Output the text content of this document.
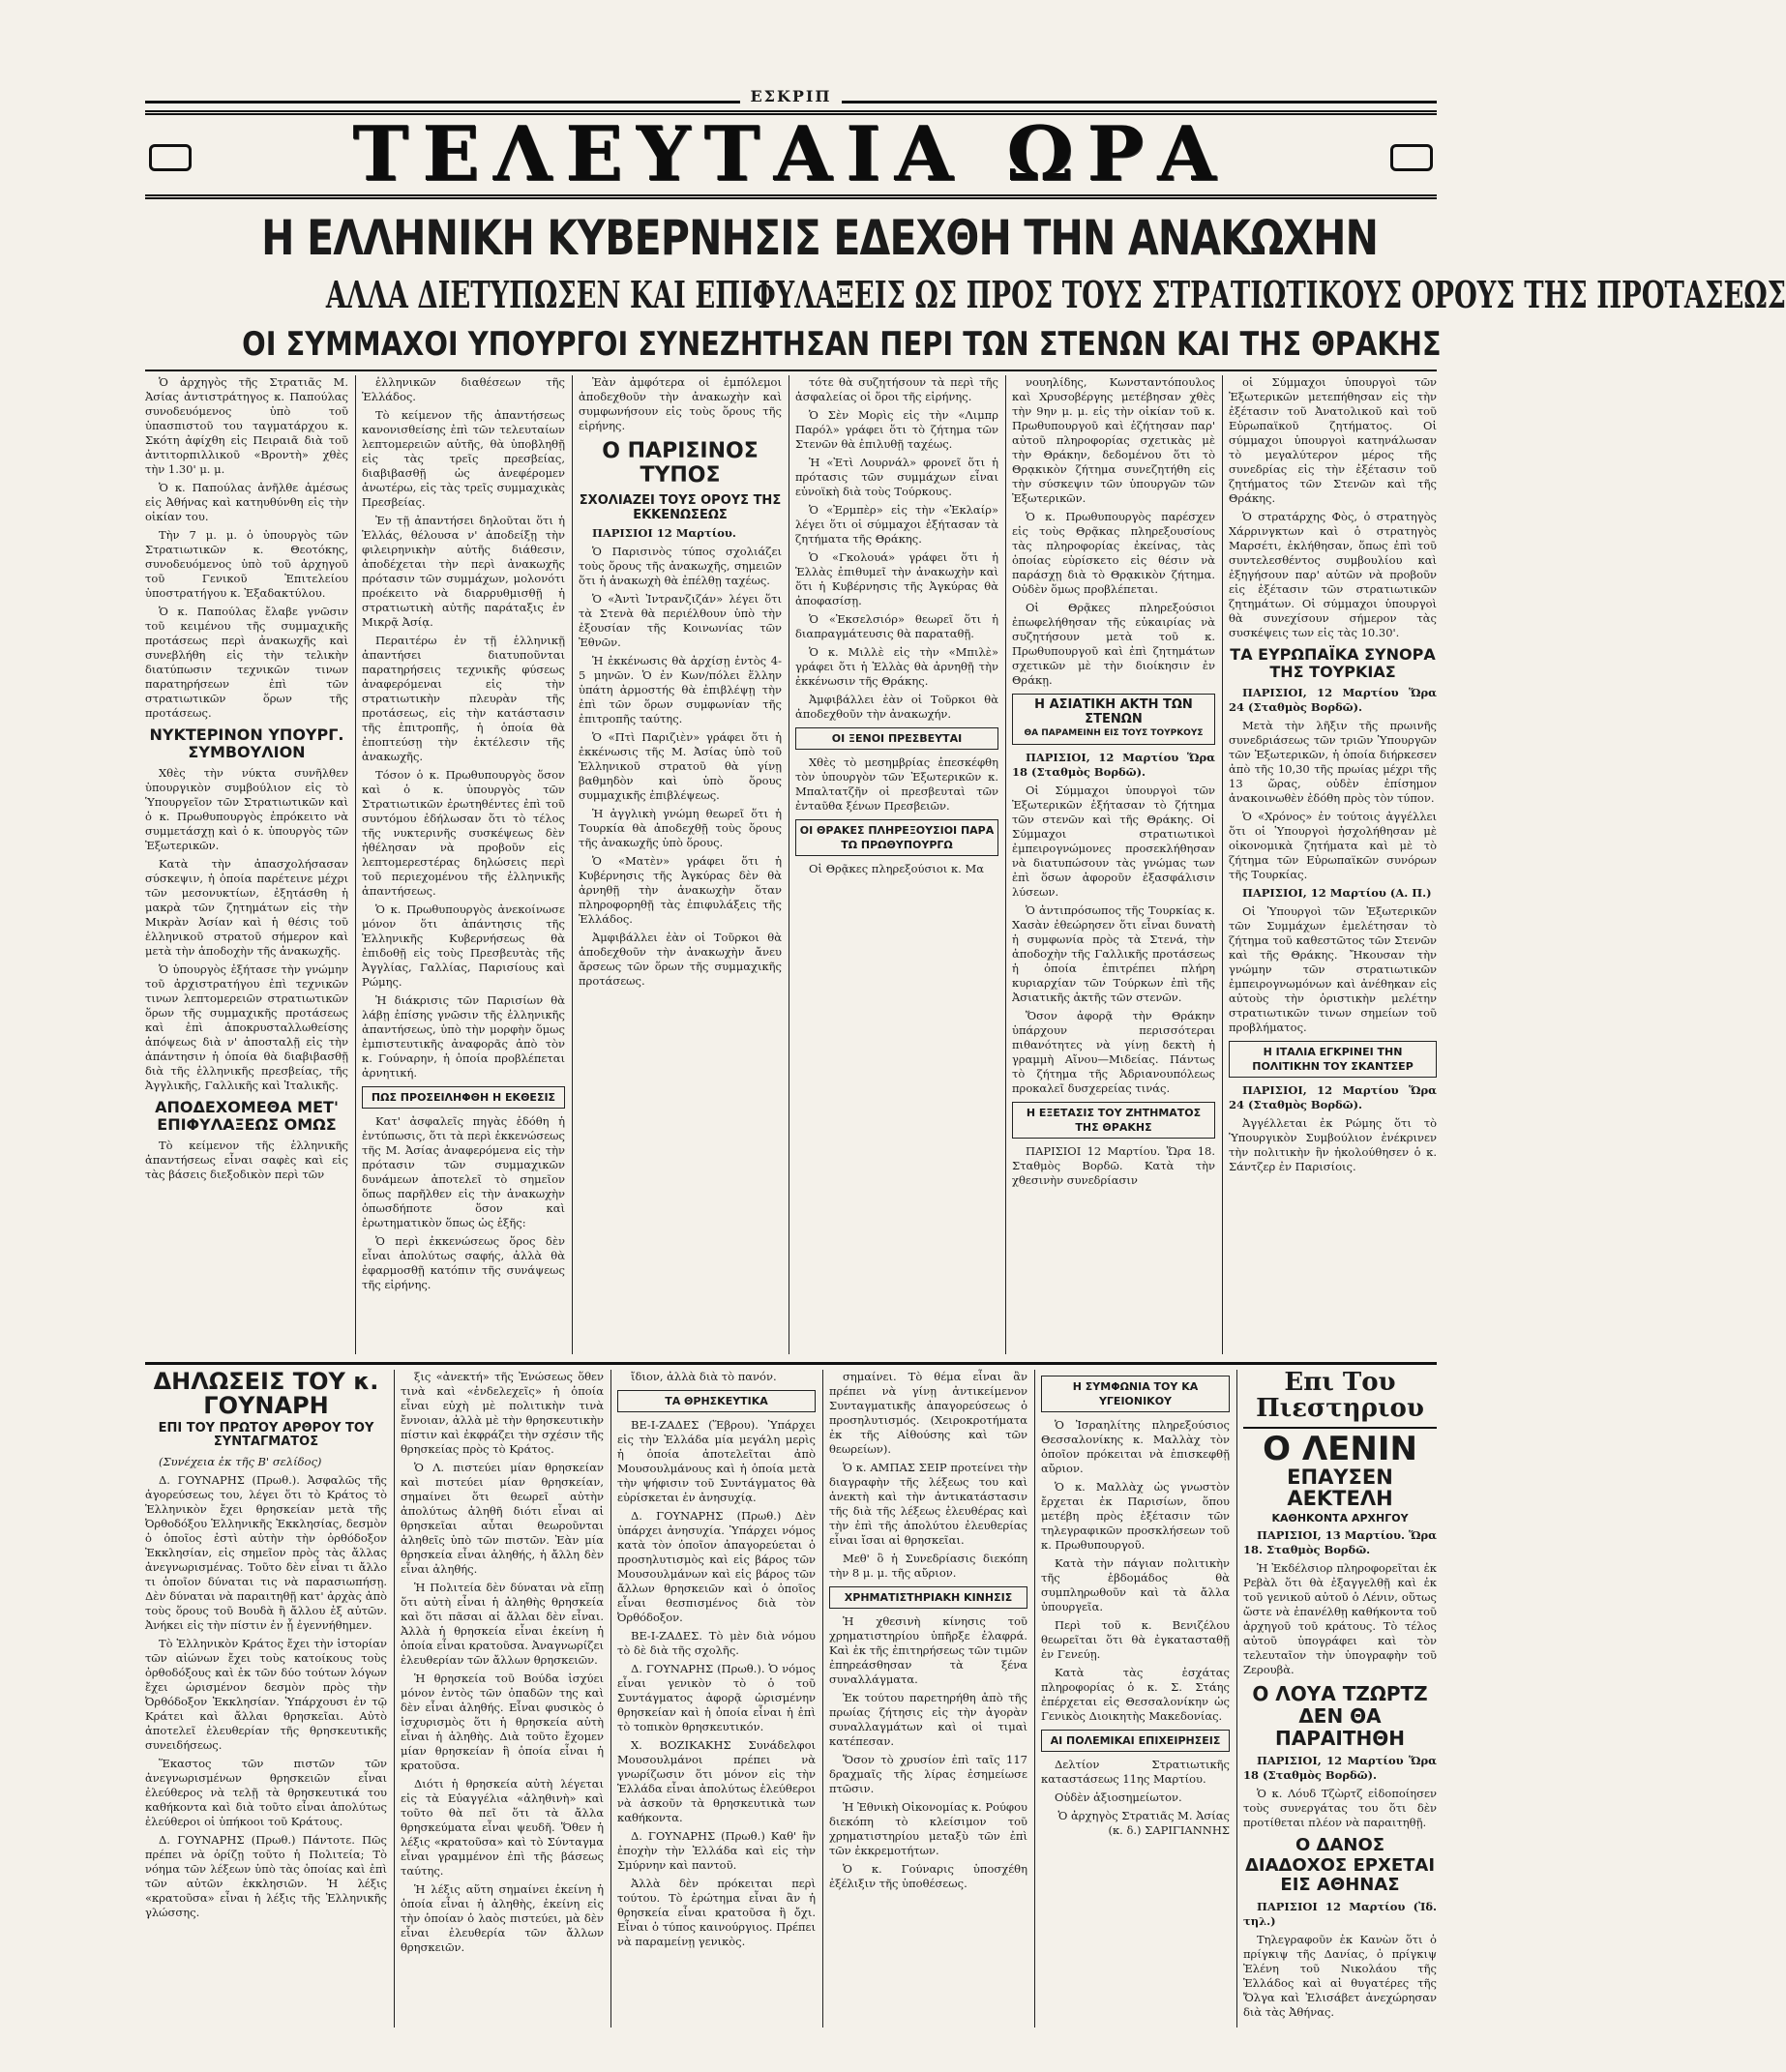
ΕΣΚΡΙΠ
ΤΕΛΕΥΤΑΙΑ ΩΡΑ
Η ΕΛΛΗΝΙΚΗ ΚΥΒΕΡΝΗΣΙΣ ΕΔΕΧΘΗ ΤΗΝ ΑΝΑΚΩΧΗΝ
ΑΛΛΑ ΔΙΕΤΥΠΩΣΕΝ ΚΑΙ ΕΠΙΦΥΛΑΞΕΙΣ ΩΣ ΠΡΟΣ ΤΟΥΣ ΣΤΡΑΤΙΩΤΙΚΟΥΣ ΟΡΟΥΣ ΤΗΣ ΠΡΟΤΑΣΕΩΣ
ΟΙ ΣΥΜΜΑΧΟΙ ΥΠΟΥΡΓΟΙ ΣΥΝΕΖΗΤΗΣΑΝ ΠΕΡΙ ΤΩΝ ΣΤΕΝΩΝ ΚΑΙ ΤΗΣ ΘΡΑΚΗΣ

Ὁ ἀρχηγὸς τῆς Στρατιᾶς Μ. Ἀσίας ἀντιστράτηγος κ. Παπούλας συνοδευόμενος ὑπὸ τοῦ ὑπασπιστοῦ του ταγματάρχου κ. Σκότη ἀφίχθη εἰς Πειραιᾶ διὰ τοῦ ἀντιτορπιλλικοῦ «Βροντὴ» χθὲς τὴν 1.30' μ. μ.

Ὁ κ. Παπούλας ἀνῆλθε ἀμέσως εἰς Ἀθήνας καὶ κατηυθύνθη εἰς τὴν οἰκίαν του.

Τὴν 7 μ. μ. ὁ ὑπουργὸς τῶν Στρατιωτικῶν κ. Θεοτόκης, συνοδευόμενος ὑπὸ τοῦ ἀρχηγοῦ τοῦ Γενικοῦ Ἐπιτελείου ὑποστρατήγου κ. Ἐξαδακτύλου.

Ὁ κ. Παπούλας ἔλαβε γνῶσιν τοῦ κειμένου τῆς συμμαχικῆς προτάσεως περὶ ἀνακωχῆς καὶ συνεβλήθη εἰς τὴν τελικὴν διατύπωσιν τεχνικῶν τινων παρατηρήσεων ἐπὶ τῶν στρατιωτικῶν ὅρων τῆς προτάσεως.

ΝΥΚΤΕΡΙΝΟΝ ΥΠΟΥΡΓ. ΣΥΜΒΟΥΛΙΟΝ

Χθὲς τὴν νύκτα συνῆλθεν ὑπουργικὸν συμβούλιον εἰς τὸ Ὑπουργεῖον τῶν Στρατιωτικῶν καὶ ὁ κ. Πρωθυπουργὸς ἐπρόκειτο νὰ συμμετάσχῃ καὶ ὁ κ. ὑπουργὸς τῶν Ἐξωτερικῶν.

Κατὰ τὴν ἀπασχολήσασαν σύσκεψιν, ἡ ὁποία παρέτεινε μέχρι τῶν μεσονυκτίων, ἐξητάσθη ἡ μακρὰ τῶν ζητημάτων εἰς τὴν Μικρὰν Ἀσίαν καὶ ἡ θέσις τοῦ ἑλληνικοῦ στρατοῦ σήμερον καὶ μετὰ τὴν ἀποδοχὴν τῆς ἀνακωχῆς.

Ὁ ὑπουργὸς ἐξήτασε τὴν γνώμην τοῦ ἀρχιστρατήγου ἐπὶ τεχνικῶν τινων λεπτομερειῶν στρατιωτικῶν ὅρων τῆς συμμαχικῆς προτάσεως καὶ ἐπὶ ἀποκρυσταλλωθείσης ἀπόψεως διὰ ν' ἀποσταλῇ εἰς τὴν ἀπάντησιν ἡ ὁποία θὰ διαβιβασθῇ διὰ τῆς ἑλληνικῆς πρεσβείας, τῆς Ἀγγλικῆς, Γαλλικῆς καὶ Ἰταλικῆς.

ΑΠΟΔΕΧΟΜΕΘΑ ΜΕΤ' ΕΠΙΦΥΛΑΞΕΩΣ ΟΜΩΣ

Τὸ κείμενον τῆς ἑλληνικῆς ἀπαντήσεως εἶναι σαφὲς καὶ εἰς τὰς βάσεις διεξοδικὸν περὶ τῶν

ἑλληνικῶν διαθέσεων τῆς Ἑλλάδος.

Τὸ κείμενον τῆς ἀπαντήσεως κανονισθείσης ἐπὶ τῶν τελευταίων λεπτομερειῶν αὐτῆς, θὰ ὑποβληθῇ εἰς τὰς τρεῖς πρεσβείας, διαβιβασθῇ ὡς ἀνεφέρομεν ἀνωτέρω, εἰς τὰς τρεῖς συμμαχικὰς Πρεσβείας.

Ἐν τῇ ἀπαντήσει δηλοῦται ὅτι ἡ Ἑλλάς, θέλουσα ν' ἀποδείξῃ τὴν φιλειρηνικὴν αὐτῆς διάθεσιν, ἀποδέχεται τὴν περὶ ἀνακωχῆς πρότασιν τῶν συμμάχων, μολονότι προέκειτο νὰ διαρρυθμισθῇ ἡ στρατιωτικὴ αὐτῆς παράταξις ἐν Μικρᾷ Ἀσίᾳ.

Περαιτέρω ἐν τῇ ἑλληνικῇ ἀπαντήσει διατυποῦνται παρατηρήσεις τεχνικῆς φύσεως ἀναφερόμεναι εἰς τὴν στρατιωτικὴν πλευρὰν τῆς προτάσεως, εἰς τὴν κατάστασιν τῆς ἐπιτροπῆς, ἡ ὁποία θὰ ἐποπτεύσῃ τὴν ἐκτέλεσιν τῆς ἀνακωχῆς.

Τόσον ὁ κ. Πρωθυπουργὸς ὅσον καὶ ὁ κ. ὑπουργὸς τῶν Στρατιωτικῶν ἐρωτηθέντες ἐπὶ τοῦ συντόμου ἐδήλωσαν ὅτι τὸ τέλος τῆς νυκτερινῆς συσκέψεως δὲν ἠθέλησαν νὰ προβοῦν εἰς λεπτομερεστέρας δηλώσεις περὶ τοῦ περιεχομένου τῆς ἑλληνικῆς ἀπαντήσεως.

Ὁ κ. Πρωθυπουργὸς ἀνεκοίνωσε μόνον ὅτι ἀπάντησις τῆς Ἑλληνικῆς Κυβερνήσεως θὰ ἐπιδοθῇ εἰς τοὺς Πρεσβευτὰς τῆς Ἀγγλίας, Γαλλίας, Παρισίους καὶ Ρώμης.

Ἡ διάκρισις τῶν Παρισίων θὰ λάβῃ ἐπίσης γνῶσιν τῆς ἑλληνικῆς ἀπαντήσεως, ὑπὸ τὴν μορφὴν ὅμως ἐμπιστευτικῆς ἀναφορᾶς ἀπὸ τὸν κ. Γούναρην, ἡ ὁποία προβλέπεται ἀρνητική.

ΠΩΣ ΠΡΟΣΕΙΛΗΦΘΗ Η ΕΚΘΕΣΙΣ

Κατ' ἀσφαλεῖς πηγὰς ἐδόθη ἡ ἐντύπωσις, ὅτι τὰ περὶ ἐκκενώσεως τῆς Μ. Ἀσίας ἀναφερόμενα εἰς τὴν πρότασιν τῶν συμμαχικῶν δυνάμεων ἀποτελεῖ τὸ σημεῖον ὅπως παρῆλθεν εἰς τὴν ἀνακωχὴν ὁπωσδήποτε ὅσον καὶ ἐρωτηματικὸν ὅπως ὡς ἑξῆς:

Ὁ περὶ ἐκκενώσεως ὅρος δὲν εἶναι ἀπολύτως σαφής, ἀλλὰ θὰ ἐφαρμοσθῇ κατόπιν τῆς συνάψεως τῆς εἰρήνης.

Ἐὰν ἀμφότερα οἱ ἐμπόλεμοι ἀποδεχθοῦν τὴν ἀνακωχὴν καὶ συμφωνήσουν εἰς τοὺς ὅρους τῆς εἰρήνης.

Ο ΠΑΡΙΣΙΝΟΣ ΤΥΠΟΣ
ΣΧΟΛΙΑΖΕΙ ΤΟΥΣ ΟΡΟΥΣ ΤΗΣ ΕΚΚΕΝΩΣΕΩΣ

ΠΑΡΙΣΙΟΙ 12 Μαρτίου.

Ὁ Παρισινὸς τύπος σχολιάζει τοὺς ὅρους τῆς ἀνακωχῆς, σημειῶν ὅτι ἡ ἀνακωχὴ θὰ ἐπέλθῃ ταχέως.

Ὁ «Ἀντὶ Ἰντρανζιζάν» λέγει ὅτι τὰ Στενὰ θὰ περιέλθουν ὑπὸ τὴν ἐξουσίαν τῆς Κοινωνίας τῶν Ἐθνῶν.

Ἡ ἐκκένωσις θὰ ἀρχίσῃ ἐντὸς 4-5 μηνῶν. Ὁ ἐν Κων/πόλει ἕλλην ὑπάτη ἀρμοστής θὰ ἐπιβλέψῃ τὴν ἐπὶ τῶν ὅρων συμφωνίαν τῆς ἐπιτροπῆς ταύτης.

Ὁ «Πτὶ Παριζιὲν» γράφει ὅτι ἡ ἐκκένωσις τῆς Μ. Ἀσίας ὑπὸ τοῦ Ἑλληνικοῦ στρατοῦ θὰ γίνῃ βαθμηδὸν καὶ ὑπὸ ὅρους συμμαχικῆς ἐπιβλέψεως.

Ἡ ἀγγλικὴ γνώμη θεωρεῖ ὅτι ἡ Τουρκία θὰ ἀποδεχθῇ τοὺς ὅρους τῆς ἀνακωχῆς ὑπὸ ὅρους.

Ὁ «Ματὲν» γράφει ὅτι ἡ Κυβέρνησις τῆς Ἀγκύρας δὲν θὰ ἀρνηθῇ τὴν ἀνακωχὴν ὅταν πληροφορηθῇ τὰς ἐπιφυλάξεις τῆς Ἑλλάδος.

Ἀμφιβάλλει ἐὰν οἱ Τοῦρκοι θὰ ἀποδεχθοῦν τὴν ἀνακωχὴν ἄνευ ἄρσεως τῶν ὅρων τῆς συμμαχικῆς προτάσεως.

τότε θὰ συζητήσουν τὰ περὶ τῆς ἀσφαλείας οἱ ὅροι τῆς εἰρήνης.

Ὁ Σὲν Μορὶς εἰς τὴν «Λιμπρ Παρόλ» γράφει ὅτι τὸ ζήτημα τῶν Στενῶν θὰ ἐπιλυθῇ ταχέως.

Ἡ «Ἐτὶ Λουρνάλ» φρονεῖ ὅτι ἡ πρότασις τῶν συμμάχων εἶναι εὐνοϊκὴ διὰ τοὺς Τούρκους.

Ὁ «Ἐρμπὲρ» εἰς τὴν «Ἐκλαίρ» λέγει ὅτι οἱ σύμμαχοι ἐξήτασαν τὰ ζητήματα τῆς Θράκης.

Ὁ «Γκολουά» γράφει ὅτι ἡ Ἑλλὰς ἐπιθυμεῖ τὴν ἀνακωχὴν καὶ ὅτι ἡ Κυβέρνησις τῆς Ἀγκύρας θὰ ἀποφασίσῃ.

Ὁ «Ἐκσελσιόρ» θεωρεῖ ὅτι ἡ διαπραγμάτευσις θὰ παραταθῇ.

Ὁ κ. Μιλλὲ εἰς τὴν «Μπιλὲ» γράφει ὅτι ἡ Ἑλλὰς θὰ ἀρνηθῇ τὴν ἐκκένωσιν τῆς Θράκης.

Ἀμφιβάλλει ἐὰν οἱ Τοῦρκοι θὰ ἀποδεχθοῦν τὴν ἀνακωχήν.

ΟΙ ΞΕΝΟΙ ΠΡΕΣΒΕΥΤΑΙ

Χθὲς τὸ μεσημβρίας ἐπεσκέφθη τὸν ὑπουργὸν τῶν Ἐξωτερικῶν κ. Μπαλτατζῆν οἱ πρεσβευταὶ τῶν ἐνταῦθα ξένων Πρεσβειῶν.

ΟΙ ΘΡΑΚΕΣ ΠΛΗΡΕΞΟΥΣΙΟΙ ΠΑΡΑ ΤΩ ΠΡΩΘΥΠΟΥΡΓΩ

Οἱ Θρᾷκες πληρεξούσιοι κ. Μα

νουηλίδης, Κωνσταντόπουλος καὶ Χρυσοβέργης μετέβησαν χθὲς τὴν 9ην μ. μ. εἰς τὴν οἰκίαν τοῦ κ. Πρωθυπουργοῦ καὶ ἐζήτησαν παρ' αὐτοῦ πληροφορίας σχετικὰς μὲ τὴν Θράκην, δεδομένου ὅτι τὸ Θρᾳκικὸν ζήτημα συνεζητήθη εἰς τὴν σύσκεψιν τῶν ὑπουργῶν τῶν Ἐξωτερικῶν.

Ὁ κ. Πρωθυπουργὸς παρέσχεν εἰς τοὺς Θρᾷκας πληρεξουσίους τὰς πληροφορίας ἐκείνας, τὰς ὁποίας εὑρίσκετο εἰς θέσιν νὰ παράσχῃ διὰ τὸ Θρᾳκικὸν ζήτημα. Οὐδὲν ὅμως προβλέπεται.

Οἱ Θρᾷκες πληρεξούσιοι ἐπωφελήθησαν τῆς εὐκαιρίας νὰ συζητήσουν μετὰ τοῦ κ. Πρωθυπουργοῦ καὶ ἐπὶ ζητημάτων σχετικῶν μὲ τὴν διοίκησιν ἐν Θράκῃ.

Η ΑΣΙΑΤΙΚΗ ΑΚΤΗ ΤΩΝ ΣΤΕΝΩΝ
ΘΑ ΠΑΡΑΜΕΙΝΗ ΕΙΣ ΤΟΥΣ ΤΟΥΡΚΟΥΣ

ΠΑΡΙΣΙΟΙ, 12 Μαρτίου Ὥρα 18 (Σταθμὸς Βορδῶ).

Οἱ Σύμμαχοι ὑπουργοὶ τῶν Ἐξωτερικῶν ἐξήτασαν τὸ ζήτημα τῶν στενῶν καὶ τῆς Θράκης. Οἱ Σύμμαχοι στρατιωτικοὶ ἐμπειρογνώμονες προσεκλήθησαν νὰ διατυπώσουν τὰς γνώμας των ἐπὶ ὅσων ἀφοροῦν ἐξασφάλισιν λύσεων.

Ὁ ἀντιπρόσωπος τῆς Τουρκίας κ. Χασὰν ἐθεώρησεν ὅτι εἶναι δυνατὴ ἡ συμφωνία πρὸς τὰ Στενά, τὴν ἀποδοχὴν τῆς Γαλλικῆς προτάσεως ἡ ὁποία ἐπιτρέπει πλήρη κυριαρχίαν τῶν Τούρκων ἐπὶ τῆς Ἀσιατικῆς ἀκτῆς τῶν στενῶν.

Ὅσον ἀφορᾷ τὴν Θράκην ὑπάρχουν περισσότεραι πιθανότητες νὰ γίνῃ δεκτὴ ἡ γραμμὴ Αἴνου—Μιδείας. Πάντως τὸ ζήτημα τῆς Ἀδριανουπόλεως προκαλεῖ δυσχερείας τινάς.

Η ΕΞΕΤΑΣΙΣ ΤΟΥ ΖΗΤΗΜΑΤΟΣ ΤΗΣ ΘΡΑΚΗΣ

ΠΑΡΙΣΙΟΙ 12 Μαρτίου. Ὥρα 18. Σταθμὸς Βορδῶ. Κατὰ τὴν χθεσινὴν συνεδρίασιν

οἱ Σύμμαχοι ὑπουργοὶ τῶν Ἐξωτερικῶν μετεπήθησαν εἰς τὴν ἐξέτασιν τοῦ Ἀνατολικοῦ καὶ τοῦ Εὐρωπαϊκοῦ ζητήματος. Οἱ σύμμαχοι ὑπουργοὶ κατηνάλωσαν τὸ μεγαλύτερον μέρος τῆς συνεδρίας εἰς τὴν ἐξέτασιν τοῦ ζητήματος τῶν Στενῶν καὶ τῆς Θράκης.

Ὁ στρατάρχης Φὸς, ὁ στρατηγὸς Χάρρινγκτων καὶ ὁ στρατηγὸς Μαρσέτι, ἐκλήθησαν, ὅπως ἐπὶ τοῦ συντελεσθέντος συμβουλίου καὶ ἐξηγήσουν παρ' αὐτῶν νὰ προβοῦν εἰς ἐξέτασιν τῶν στρατιωτικῶν ζητημάτων. Οἱ σύμμαχοι ὑπουργοὶ θὰ συνεχίσουν σήμερον τὰς συσκέψεις των εἰς τὰς 10.30'.

ΤΑ ΕΥΡΩΠΑΪΚΑ ΣΥΝΟΡΑ ΤΗΣ ΤΟΥΡΚΙΑΣ

ΠΑΡΙΣΙΟΙ, 12 Μαρτίου Ὥρα 24 (Σταθμὸς Βορδῶ).

Μετὰ τὴν λῆξιν τῆς πρωινῆς συνεδριάσεως τῶν τριῶν Ὑπουργῶν τῶν Ἐξωτερικῶν, ἡ ὁποία διήρκεσεν ἀπὸ τῆς 10,30 τῆς πρωίας μέχρι τῆς 13 ὥρας, οὐδὲν ἐπίσημον ἀνακοινωθὲν ἐδόθη πρὸς τὸν τύπον.

Ὁ «Χρόνος» ἐν τούτοις ἀγγέλλει ὅτι οἱ Ὑπουργοὶ ἠσχολήθησαν μὲ οἰκονομικὰ ζητήματα καὶ μὲ τὸ ζήτημα τῶν Εὐρωπαϊκῶν συνόρων τῆς Τουρκίας.

ΠΑΡΙΣΙΟΙ, 12 Μαρτίου (Α. Π.)

Οἱ Ὑπουργοὶ τῶν Ἐξωτερικῶν τῶν Συμμάχων ἐμελέτησαν τὸ ζήτημα τοῦ καθεστῶτος τῶν Στενῶν καὶ τῆς Θράκης. Ἤκουσαν τὴν γνώμην τῶν στρατιωτικῶν ἐμπειρογνωμόνων καὶ ἀνέθηκαν εἰς αὐτοὺς τὴν ὁριστικὴν μελέτην στρατιωτικῶν τινων σημείων τοῦ προβλήματος.

Η ΙΤΑΛΙΑ ΕΓΚΡΙΝΕΙ ΤΗΝ ΠΟΛΙΤΙΚΗΝ ΤΟΥ ΣΚΑΝΤΣΕΡ

ΠΑΡΙΣΙΟΙ, 12 Μαρτίου Ὥρα 24 (Σταθμὸς Βορδῶ).

Ἀγγέλλεται ἐκ Ρώμης ὅτι τὸ Ὑπουργικὸν Συμβούλιον ἐνέκρινεν τὴν πολιτικὴν ἣν ἠκολούθησεν ὁ κ. Σάντζερ ἐν Παρισίοις.

ΔΗΛΩΣΕΙΣ ΤΟΥ κ. ΓΟΥΝΑΡΗ
ΕΠΙ ΤΟΥ ΠΡΩΤΟΥ ΑΡΘΡΟΥ ΤΟΥ ΣΥΝΤΑΓΜΑΤΟΣ

(Συνέχεια ἐκ τῆς Β' σελίδος)

Δ. ΓΟΥΝΑΡΗΣ (Πρωθ.). Ἀσφαλῶς τῆς ἀγορεύσεως του, λέγει ὅτι τὸ Κράτος τὸ Ἑλληνικὸν ἔχει θρησκείαν μετὰ τῆς Ὀρθοδόξου Ἑλληνικῆς Ἐκκλησίας, δεσμὸν ὁ ὁποῖος ἐστὶ αὐτὴν τὴν ὀρθόδοξον Ἐκκλησίαν, εἰς σημεῖον πρὸς τὰς ἄλλας ἀνεγνωρισμένας. Τοῦτο δὲν εἶναι τι ἄλλο τι ὁποῖον δύναται τις νὰ παρασιωπήσῃ. Δὲν δύναται νὰ παραιτηθῇ κατ' ἀρχὰς ἀπὸ τοὺς ὅρους τοῦ Βουδὰ ἢ ἄλλου ἐξ αὐτῶν. Ἀνήκει εἰς τὴν πίστιν ἐν ᾗ ἐγεννήθημεν.

Τὸ Ἑλληνικὸν Κράτος ἔχει τὴν ἱστορίαν τῶν αἰώνων ἔχει τοὺς κατοίκους τοὺς ὀρθοδόξους καὶ ἐκ τῶν δύο τούτων λόγων ἔχει ὡρισμένον δεσμὸν πρὸς τὴν Ὀρθόδοξον Ἐκκλησίαν. Ὑπάρχουσι ἐν τῷ Κράτει καὶ ἄλλαι θρησκεῖαι. Αὐτὸ ἀποτελεῖ ἐλευθερίαν τῆς θρησκευτικῆς συνειδήσεως.

Ἕκαστος τῶν πιστῶν τῶν ἀνεγνωρισμένων θρησκειῶν εἶναι ἐλεύθερος νὰ τελῇ τὰ θρησκευτικά του καθήκοντα καὶ διὰ τοῦτο εἶναι ἀπολύτως ἐλεύθεροι οἱ ὑπήκοοι τοῦ Κράτους.

Δ. ΓΟΥΝΑΡΗΣ (Πρωθ.) Πάντοτε. Πῶς πρέπει νὰ ὁρίζῃ τοῦτο ἡ Πολιτεία; Τὸ νόημα τῶν λέξεων ὑπὸ τὰς ὁποίας καὶ ἐπὶ τῶν αὐτῶν ἐκκλησιῶν. Ἡ λέξις «κρατοῦσα» εἶναι ἡ λέξις τῆς Ἐλληνικῆς γλώσσης.

ξις «ἀνεκτή» τῆς Ἐνώσεως ὅθεν τινὰ καὶ «ἐνδελεχεῖς» ἡ ὁποία εἶναι εὐχὴ μὲ πολιτικὴν τινὰ ἔννοιαν, ἀλλὰ μὲ τὴν θρησκευτικὴν πίστιν καὶ ἐκφράζει τὴν σχέσιν τῆς θρησκείας πρὸς τὸ Κράτος.

Ὁ Λ. πιστεύει μίαν θρησκείαν καὶ πιστεύει μίαν θρησκείαν, σημαίνει ὅτι θεωρεῖ αὐτὴν ἀπολύτως ἀληθῆ διότι εἶναι αἱ θρησκεῖαι αὗται θεωροῦνται ἀληθεῖς ὑπὸ τῶν πιστῶν. Ἐὰν μία θρησκεία εἶναι ἀληθής, ἡ ἄλλη δὲν εἶναι ἀληθής.

Ἡ Πολιτεία δὲν δύναται νὰ εἴπῃ ὅτι αὐτὴ εἶναι ἡ ἀληθὴς θρησκεία καὶ ὅτι πᾶσαι αἱ ἄλλαι δὲν εἶναι. Ἀλλὰ ἡ θρησκεία εἶναι ἐκείνη ἡ ὁποία εἶναι κρατοῦσα. Ἀναγνωρίζει ἐλευθερίαν τῶν ἄλλων θρησκειῶν.

Ἡ θρησκεία τοῦ Βούδα ἰσχύει μόνον ἐντὸς τῶν ὀπαδῶν της καὶ δὲν εἶναι ἀληθής. Εἶναι φυσικὸς ὁ ἰσχυρισμὸς ὅτι ἡ θρησκεία αὐτὴ εἶναι ἡ ἀληθὴς. Διὰ τοῦτο ἔχομεν μίαν θρησκείαν ἣ ὁποία εἶναι ἡ κρατοῦσα.

Διότι ἡ θρησκεία αὐτὴ λέγεται εἰς τὰ Εὐαγγέλια «ἀληθινὴ» καὶ τοῦτο θὰ πεῖ ὅτι τὰ ἄλλα θρησκεύματα εἶναι ψευδῆ. Ὅθεν ἡ λέξις «κρατοῦσα» καὶ τὸ Σύνταγμα εἶναι γραμμένον ἐπὶ τῆς βάσεως ταύτης.

Ἡ λέξις αὕτη σημαίνει ἐκείνη ἡ ὁποία εἶναι ἡ ἀληθὴς, ἐκείνη εἰς τὴν ὁποίαν ὁ λαὸς πιστεύει, μὰ δὲν εἶναι ἐλευθερία τῶν ἄλλων θρησκειῶν.

ἴδιον, ἀλλὰ διὰ τὸ πανόν.

ΤΑ ΘΡΗΣΚΕΥΤΙΚΑ

ΒΕ-Ι-ΖΑΔΕΣ (Ἕβρου). Ὑπάρχει εἰς τὴν Ἑλλάδα μία μεγάλη μερὶς ἡ ὁποία ἀποτελεῖται ἀπὸ Μουσουλμάνους καὶ ἡ ὁποία μετὰ τὴν ψήφισιν τοῦ Συντάγματος θὰ εὑρίσκεται ἐν ἀνησυχίᾳ.

Δ. ΓΟΥΝΑΡΗΣ (Πρωθ.) Δὲν ὑπάρχει ἀνησυχία. Ὑπάρχει νόμος κατὰ τὸν ὁποῖον ἀπαγορεύεται ὁ προσηλυτισμὸς καὶ εἰς βάρος τῶν Μουσουλμάνων καὶ εἰς βάρος τῶν ἄλλων θρησκειῶν καὶ ὁ ὁποῖος εἶναι θεσπισμένος διὰ τὸν Ὀρθόδοξον.

ΒΕ-Ι-ΖΑΔΕΣ. Τὸ μὲν διὰ νόμου τὸ δὲ διὰ τῆς σχολῆς.

Δ. ΓΟΥΝΑΡΗΣ (Πρωθ.). Ὁ νόμος εἶναι γενικὸν τὸ ὁ τοῦ Συντάγματος ἀφορᾷ ὡρισμένην θρησκείαν καὶ ἡ ὁποία εἶναι ἡ ἐπὶ τὸ τοπικὸν θρησκευτικόν.

Χ. ΒΟΖΙΚΑΚΗΣ Συνάδελφοι Μουσουλμάνοι πρέπει νὰ γνωρίζωσιν ὅτι μόνον εἰς τὴν Ἑλλάδα εἶναι ἀπολύτως ἐλεύθεροι νὰ ἀσκοῦν τὰ θρησκευτικὰ των καθήκοντα.

Δ. ΓΟΥΝΑΡΗΣ (Πρωθ.) Καθ' ἣν ἐποχὴν τὴν Ἑλλάδα καὶ εἰς τὴν Σμύρνην καὶ παντοῦ.

Ἀλλὰ δὲν πρόκειται περὶ τούτου. Τὸ ἐρώτημα εἶναι ἂν ἡ θρησκεία εἶναι κρατοῦσα ἢ ὄχι. Εἶναι ὁ τύπος καινούργιος. Πρέπει νὰ παραμείνῃ γενικὸς.

σημαίνει. Τὸ θέμα εἶναι ἂν πρέπει νὰ γίνῃ ἀντικείμενον Συνταγματικῆς ἀπαγορεύσεως ὁ προσηλυτισμός. (Χειροκροτήματα ἐκ τῆς Αἰθούσης καὶ τῶν θεωρείων).

Ὁ κ. ΑΜΠΑΣ ΣΕΙΡ προτείνει τὴν διαγραφὴν τῆς λέξεως του καὶ ἀνεκτὴ καὶ τὴν ἀντικατάστασιν τῆς διὰ τῆς λέξεως ἐλευθέρας καὶ τὴν ἐπὶ τῆς ἀπολύτου ἐλευθερίας εἶναι ἴσαι αἱ θρησκεῖαι.

Μεθ' ὃ ἡ Συνεδρίασις διεκόπη τὴν 8 μ. μ. τῆς αὔριον.

ΧΡΗΜΑΤΙΣΤΗΡΙΑΚΗ ΚΙΝΗΣΙΣ

Ἡ χθεσινὴ κίνησις τοῦ χρηματιστηρίου ὑπῆρξε ἐλαφρά. Καὶ ἐκ τῆς ἐπιτηρήσεως τῶν τιμῶν ἐπηρεάσθησαν τὰ ξένα συναλλάγματα.

Ἐκ τούτου παρετηρήθη ἀπὸ τῆς πρωίας ζήτησις εἰς τὴν ἀγορὰν συναλλαγμάτων καὶ οἱ τιμαὶ κατέπεσαν.

Ὅσον τὸ χρυσίον ἐπὶ ταῖς 117 δραχμαῖς τῆς λίρας ἐσημείωσε πτῶσιν.

Ἡ Ἐθνικὴ Οἰκονομίας κ. Ρούφου διεκόπη τὸ κλείσιμον τοῦ χρηματιστηρίου μεταξὺ τῶν ἐπὶ τῶν ἐκκρεμοτήτων.

Ὁ κ. Γούναρις ὑποσχέθη ἐξέλιξιν τῆς ὑποθέσεως.

Η ΣΥΜΦΩΝΙΑ ΤΟΥ ΚΑ ΥΓΕΙΟΝΙΚΟΥ

Ὁ Ἰσραηλίτης πληρεξούσιος Θεσσαλονίκης κ. Μαλλὰχ τὸν ὁποῖον πρόκειται νὰ ἐπισκεφθῇ αὔριον.

Ὁ κ. Μαλλὰχ ὡς γνωστὸν ἔρχεται ἐκ Παρισίων, ὅπου μετέβη πρὸς ἐξέτασιν τῶν τηλεγραφικῶν προσκλήσεων τοῦ κ. Πρωθυπουργοῦ.

Κατὰ τὴν πάγιαν πολιτικὴν τῆς ἑβδομάδος θὰ συμπληρωθοῦν καὶ τὰ ἄλλα ὑπουργεῖα.

Περὶ τοῦ κ. Βενιζέλου θεωρεῖται ὅτι θὰ ἐγκατασταθῇ ἐν Γενεύῃ.

Κατὰ τὰς ἐσχάτας πληροφορίας ὁ κ. Σ. Στάης ἐπέρχεται εἰς Θεσσαλονίκην ὡς Γενικὸς Διοικητὴς Μακεδονίας.

ΑΙ ΠΟΛΕΜΙΚΑΙ ΕΠΙΧΕΙΡΗΣΕΙΣ

Δελτίον Στρατιωτικῆς καταστάσεως 11ης Μαρτίου.

Οὐδὲν ἀξιοσημείωτον.

Ὁ ἀρχηγὸς Στρατιᾶς Μ. Ἀσίας (κ. δ.) ΣΑΡΙΓΙΑΝΝΗΣ

Επι Του Πιεστηριου
Ο ΛΕΝΙΝ
ΕΠΑΥΣΕΝ ΑΕΚΤΕΛΗ
ΚΑΘΗΚΟΝΤΑ ΑΡΧΗΓΟΥ

ΠΑΡΙΣΙΟΙ, 13 Μαρτίου. Ὥρα 18. Σταθμὸς Βορδῶ.

Ἡ Ἐκδέλσιορ πληροφορεῖται ἐκ Ρεβὰλ ὅτι θὰ ἐξαγγελθῇ καὶ ἐκ τοῦ γενικοῦ αὐτοῦ ὁ Λένιν, οὕτως ὥστε νὰ ἐπανέλθῃ καθήκοντα τοῦ ἀρχηγοῦ τοῦ κράτους. Τὸ τέλος αὐτοῦ ὑπογράφει καὶ τὸν τελευταῖον τὴν ὑπογραφὴν τοῦ Ζερουβὰ.

Ο ΛΟΥΑ ΤΖΩΡΤΖ ΔΕΝ ΘΑ ΠΑΡΑΙΤΗΘΗ

ΠΑΡΙΣΙΟΙ, 12 Μαρτίου Ὥρα 18 (Σταθμὸς Βορδῶ).

Ὁ κ. Λόυδ Τζὼρτζ εἰδοποίησεν τοὺς συνεργάτας του ὅτι δὲν προτίθεται πλέον νὰ παραιτηθῇ.

Ο ΔΑΝΟΣ ΔΙΑΔΟΧΟΣ ΕΡΧΕΤΑΙ ΕΙΣ ΑΘΗΝΑΣ

ΠΑΡΙΣΙΟΙ 12 Μαρτίου (Ἰδ. τηλ.)

Τηλεγραφοῦν ἐκ Κανὼν ὅτι ὁ πρίγκιψ τῆς Δανίας, ὁ πρίγκιψ Ἐλένη τοῦ Νικολάου τῆς Ἑλλάδος καὶ αἱ θυγατέρες τῆς Ὄλγα καὶ Ἐλισάβετ ἀνεχώρησαν διὰ τὰς Ἀθήνας.
